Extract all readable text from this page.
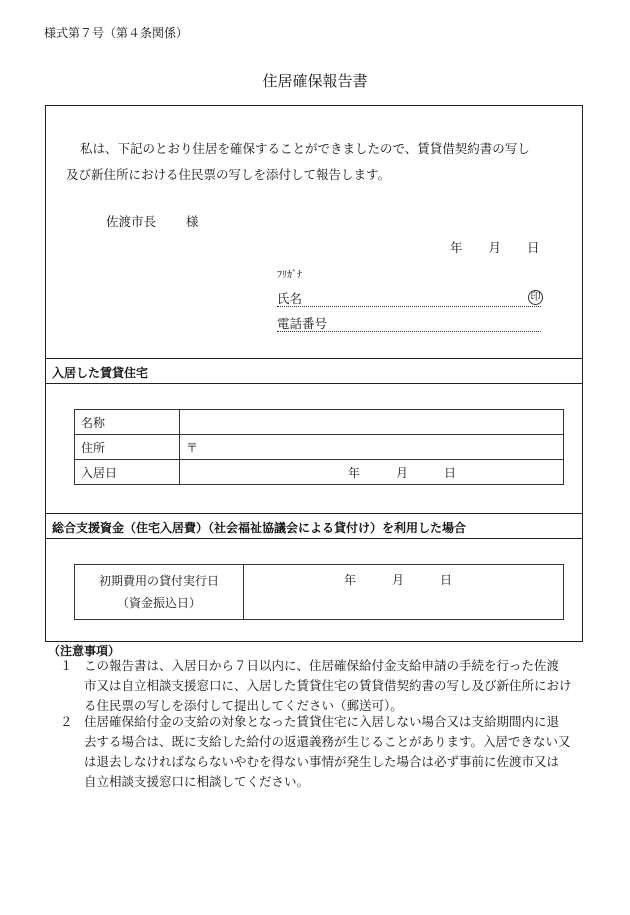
様式第７号（第４条関係）
住居確保報告書
私は、下記のとおり住居を確保することができましたので、賃貸借契約書の写し
及び新住所における住民票の写しを添付して報告します。
佐渡市長 様
年 月 日
ﾌﾘｶﾞﾅ
氏名	印
電話番号
入居した賃貸住宅
名称	
住所	〒
入居日	年　　　月　　　日
総合支援資金（住宅入居費）（社会福祉協議会による貸付け）を利用した場合
初期費用の貸付実行日
（資金振込日）	年　　　月　　　日
（注意事項）
１ この報告書は、入居日から７日以内に、住居確保給付金支給申請の手続を行った佐渡
市又は自立相談支援窓口に、入居した賃貸住宅の賃貸借契約書の写し及び新住所におけ
る住民票の写しを添付して提出してください（郵送可）。
２ 住居確保給付金の支給の対象となった賃貸住宅に入居しない場合又は支給期間内に退
去する場合は、既に支給した給付の返還義務が生じることがあります。入居できない又
は退去しなければならないやむを得ない事情が発生した場合は必ず事前に佐渡市又は
自立相談支援窓口に相談してください。
